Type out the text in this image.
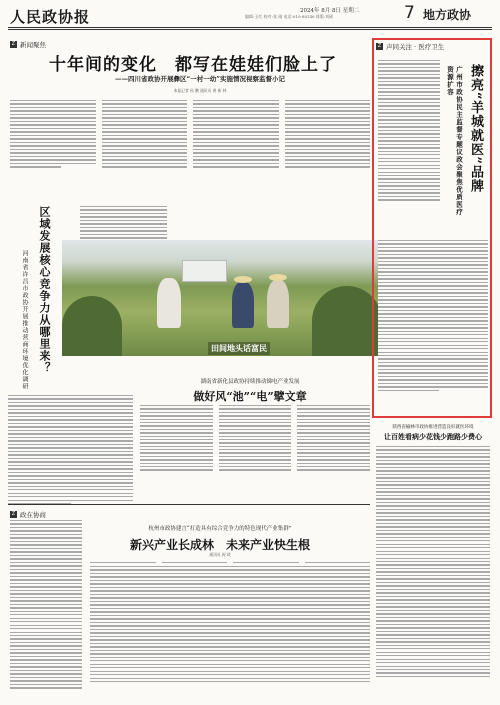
人民政协报	2024年 8月 8日 星期二
编辑:王红 校对:张 刚 电话:010-88146 排版:刘硕	7 地方政协
Z 新闻聚焦
十年间的变化　都写在娃娃们脸上了
——四川省政协开展彝区“一村一幼”实施情况视察监督小记
本报记者 孙 鹏 通讯员 黄 新 林
区域发展核心竞争力从哪里来？
河南省许昌市政协开展推动营商环境优化调研	田间地头话富民
湖南省新化县政协持续推动锑电产业发展
做好风“池”“电”擘文章
Z 政在协商
杭州市政协建言“打造具有综合竞争力的特色现代产业集群”
新兴产业长成林　未来产业快生根
通讯员 祝 琰
Z 声同关注 · 医疗卫生
擦亮“羊城就医”品牌
广州市政协民主监督专题议政会聚焦优质医疗资源扩容
陕西省榆林市政协推进营造良好就医环境
让百姓看病少花钱少跑路少费心
